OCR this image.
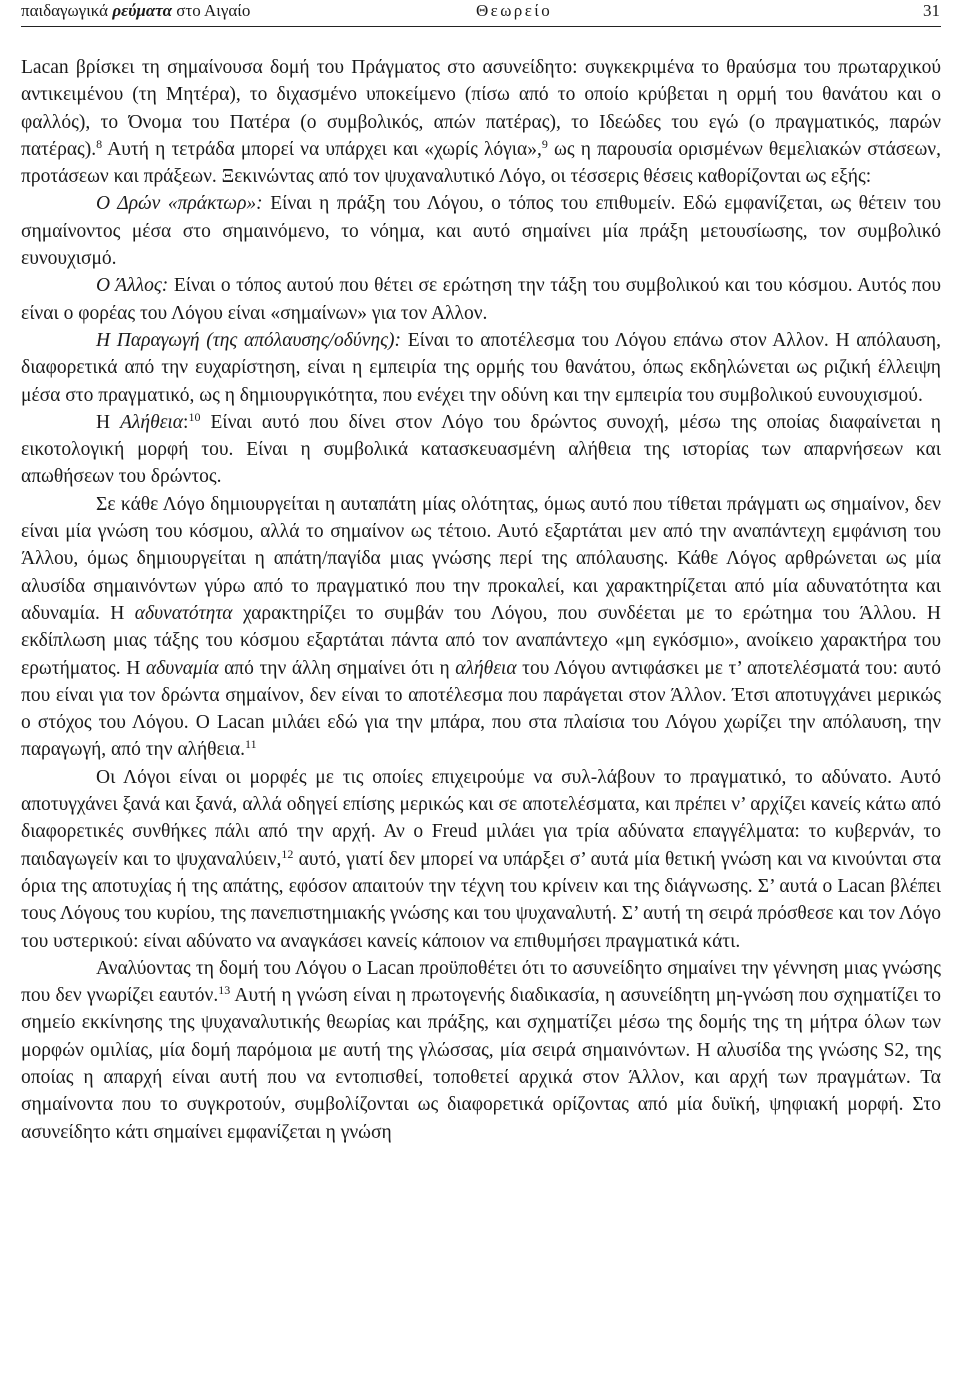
παιδαγωγικά ρεύματα στο Αιγαίο	Θεωρείο	31

Lacan βρίσκει τη σημαίνουσα δομή του Πράγματος στο ασυνείδητο: συγκεκριμένα το θραύσμα του πρωταρχικού αντικειμένου (τη Μητέρα), το διχασμένο υποκείμενο (πίσω από το οποίο κρύβεται η ορμή του θανάτου και ο φαλλός), το Όνομα του Πατέρα (ο συμβολικός, απών πατέρας), το Ιδεώδες του εγώ (ο πραγματικός, παρών πατέρας).$^8$ Αυτή η τετράδα μπορεί να υπάρχει και «χωρίς λόγια»,$^9$ ως η παρουσία ορισμένων θεμελιακών στάσεων, προτάσεων και πράξεων. Ξεκινώντας από τον ψυχαναλυτικό Λόγο, οι τέσσερις θέσεις καθορίζονται ως εξής:

Ο Δρών «πράκτωρ»: Είναι η πράξη του Λόγου, ο τόπος του επιθυμείν. Εδώ εμφανίζεται, ως θέτειν του σημαίνοντος μέσα στο σημαινόμενο, το νόημα, και αυτό σημαίνει μία πράξη μετουσίωσης, τον συμβολικό ευνουχισμό.

Ο Άλλος: Είναι ο τόπος αυτού που θέτει σε ερώτηση την τάξη του συμβολικού και του κόσμου. Αυτός που είναι ο φορέας του Λόγου είναι «σημαίνων» για τον Αλλον.

Η Παραγωγή (της απόλαυσης/οδύνης): Είναι το αποτέλεσμα του Λόγου επάνω στον Αλλον. Η απόλαυση, διαφορετικά από την ευχαρίστηση, είναι η εμπειρία της ορμής του θανάτου, όπως εκδηλώνεται ως ριζική έλλειψη μέσα στο πραγματικό, ως η δημιουργικότητα, που ενέχει την οδύνη και την εμπειρία του συμβολικού ευνουχισμού.

Η Αλήθεια:$^{10}$ Είναι αυτό που δίνει στον Λόγο του δρώντος συνοχή, μέσω της οποίας διαφαίνεται η εικοτολογική μορφή του. Είναι η συμβολικά κατασκευασμένη αλήθεια της ιστορίας των απαρνήσεων και απωθήσεων του δρώντος.

Σε κάθε Λόγο δημιουργείται η αυταπάτη μίας ολότητας, όμως αυτό που τίθεται πράγματι ως σημαίνον, δεν είναι μία γνώση του κόσμου, αλλά το σημαίνον ως τέτοιο. Αυτό εξαρτάται μεν από την αναπάντεχη εμφάνιση του Άλλου, όμως δημιουργείται η απάτη/παγίδα μιας γνώσης περί της απόλαυσης. Κάθε Λόγος αρθρώνεται ως μία αλυσίδα σημαινόντων γύρω από το πραγματικό που την προκαλεί, και χαρακτηρίζεται από μία αδυνατότητα και αδυναμία. Η αδυνατότητα χαρακτηρίζει το συμβάν του Λόγου, που συνδέεται με το ερώτημα του Άλλου. Η εκδίπλωση μιας τάξης του κόσμου εξαρτάται πάντα από τον αναπάντεχο «μη εγκόσμιο», ανοίκειο χαρακτήρα του ερωτήματος. Η αδυναμία από την άλλη σημαίνει ότι η αλήθεια του Λόγου αντιφάσκει με τ’ αποτελέσματά του: αυτό που είναι για τον δρώντα σημαίνον, δεν είναι το αποτέλεσμα που παράγεται στον Άλλον. Έτσι αποτυγχάνει μερικώς ο στόχος του Λόγου. Ο Lacan μιλάει εδώ για την μπάρα, που στα πλαίσια του Λόγου χωρίζει την απόλαυση, την παραγωγή, από την αλήθεια.$^{11}$

Οι Λόγοι είναι οι μορφές με τις οποίες επιχειρούμε να συλ-λάβουν το πραγματικό, το αδύνατο. Αυτό αποτυγχάνει ξανά και ξανά, αλλά οδηγεί επίσης μερικώς και σε αποτελέσματα, και πρέπει ν’ αρχίζει κανείς κάτω από διαφορετικές συνθήκες πάλι από την αρχή. Αν ο Freud μιλάει για τρία αδύνατα επαγγέλματα: το κυβερνάν, το παιδαγωγείν και το ψυχαναλύειν,$^{12}$ αυτό, γιατί δεν μπορεί να υπάρξει σ’ αυτά μία θετική γνώση και να κινούνται στα όρια της αποτυχίας ή της απάτης, εφόσον απαιτούν την τέχνη του κρίνειν και της διάγνωσης. Σ’ αυτά ο Lacan βλέπει τους Λόγους του κυρίου, της πανεπιστημιακής γνώσης και του ψυχαναλυτή. Σ’ αυτή τη σειρά πρόσθεσε και τον Λόγο του υστερικού: είναι αδύνατο να αναγκάσει κανείς κάποιον να επιθυμήσει πραγματικά κάτι.

Αναλύοντας τη δομή του Λόγου ο Lacan προϋποθέτει ότι το ασυνείδητο σημαίνει την γέννηση μιας γνώσης που δεν γνωρίζει εαυτόν.$^{13}$ Αυτή η γνώση είναι η πρωτογενής διαδικασία, η ασυνείδητη μη-γνώση που σχηματίζει το σημείο εκκίνησης της ψυχαναλυτικής θεωρίας και πράξης, και σχηματίζει μέσω της δομής της τη μήτρα όλων των μορφών ομιλίας, μία δομή παρόμοια με αυτή της γλώσσας, μία σειρά σημαινόντων. Η αλυσίδα της γνώσης S2, της οποίας η απαρχή είναι αυτή που να εντοπισθεί, τοποθετεί αρχικά στον Άλλον, και αρχή των πραγμάτων. Τα σημαίνοντα που το συγκροτούν, συμβολίζονται ως διαφορετικά ορίζοντας από μία δυϊκή, ψηφιακή μορφή. Στο ασυνείδητο κάτι σημαίνει εμφανίζεται η γνώση
